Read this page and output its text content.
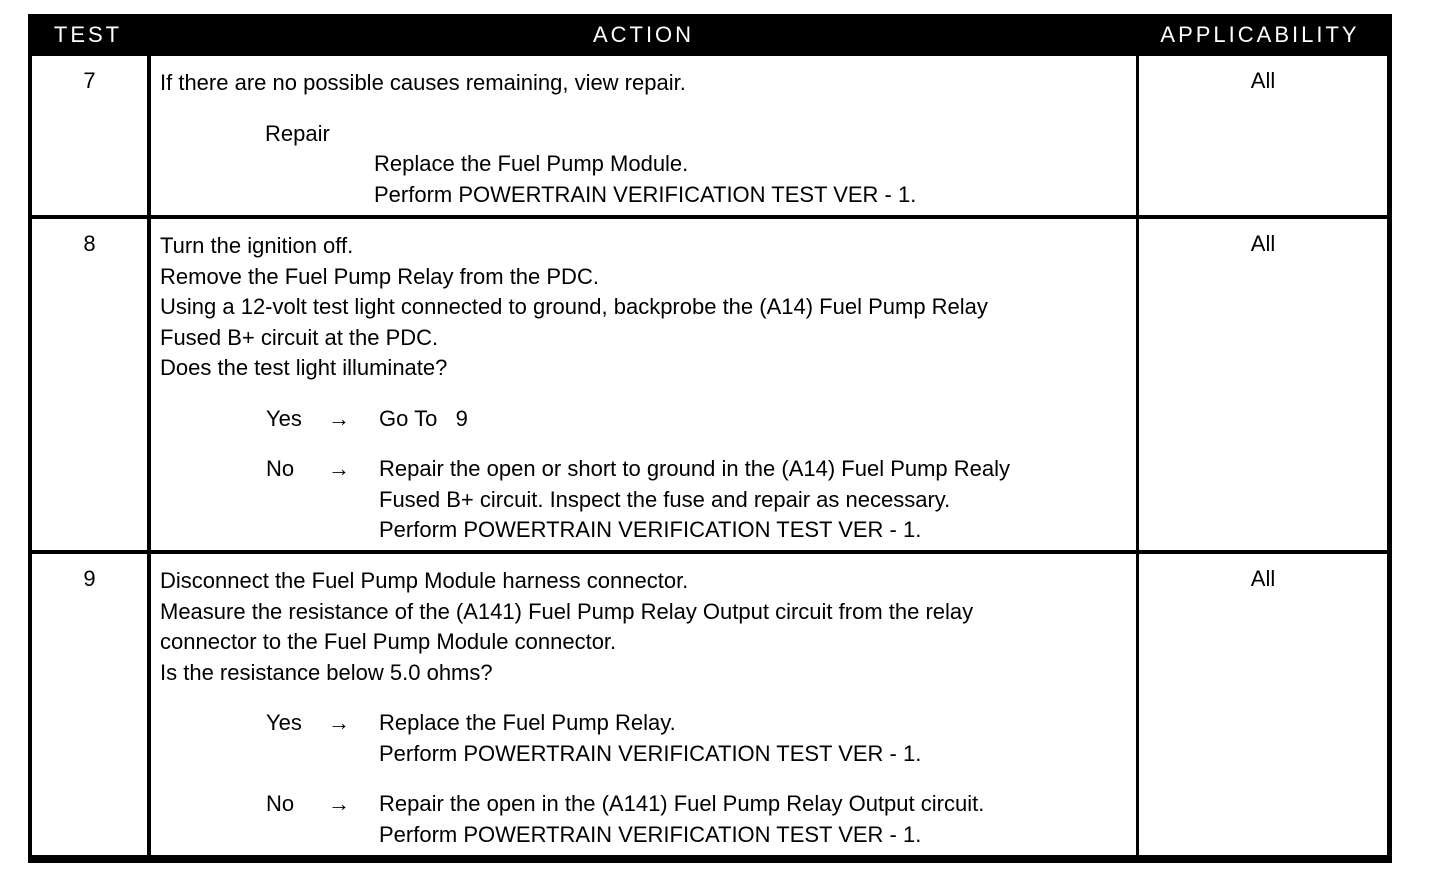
TEST	ACTION	APPLICABILITY
7	If there are no possible causes remaining, view repair.
Repair
Replace the Fuel Pump Module.
Perform POWERTRAIN VERIFICATION TEST VER - 1.
All
8	Turn the ignition off.
Remove the Fuel Pump Relay from the PDC.
Using a 12-volt test light connected to ground, backprobe the (A14) Fuel Pump Relay
Fused B+ circuit at the PDC.
Does the test light illuminate?
Yes → Go To   9
No → Repair the open or short to ground in the (A14) Fuel Pump Realy
Fused B+ circuit. Inspect the fuse and repair as necessary.
Perform POWERTRAIN VERIFICATION TEST VER - 1.
All
9	Disconnect the Fuel Pump Module harness connector.
Measure the resistance of the (A141) Fuel Pump Relay Output circuit from the relay
connector to the Fuel Pump Module connector.
Is the resistance below 5.0 ohms?
Yes → Replace the Fuel Pump Relay.
Perform POWERTRAIN VERIFICATION TEST VER - 1.
No → Repair the open in the (A141) Fuel Pump Relay Output circuit.
Perform POWERTRAIN VERIFICATION TEST VER - 1.
All
